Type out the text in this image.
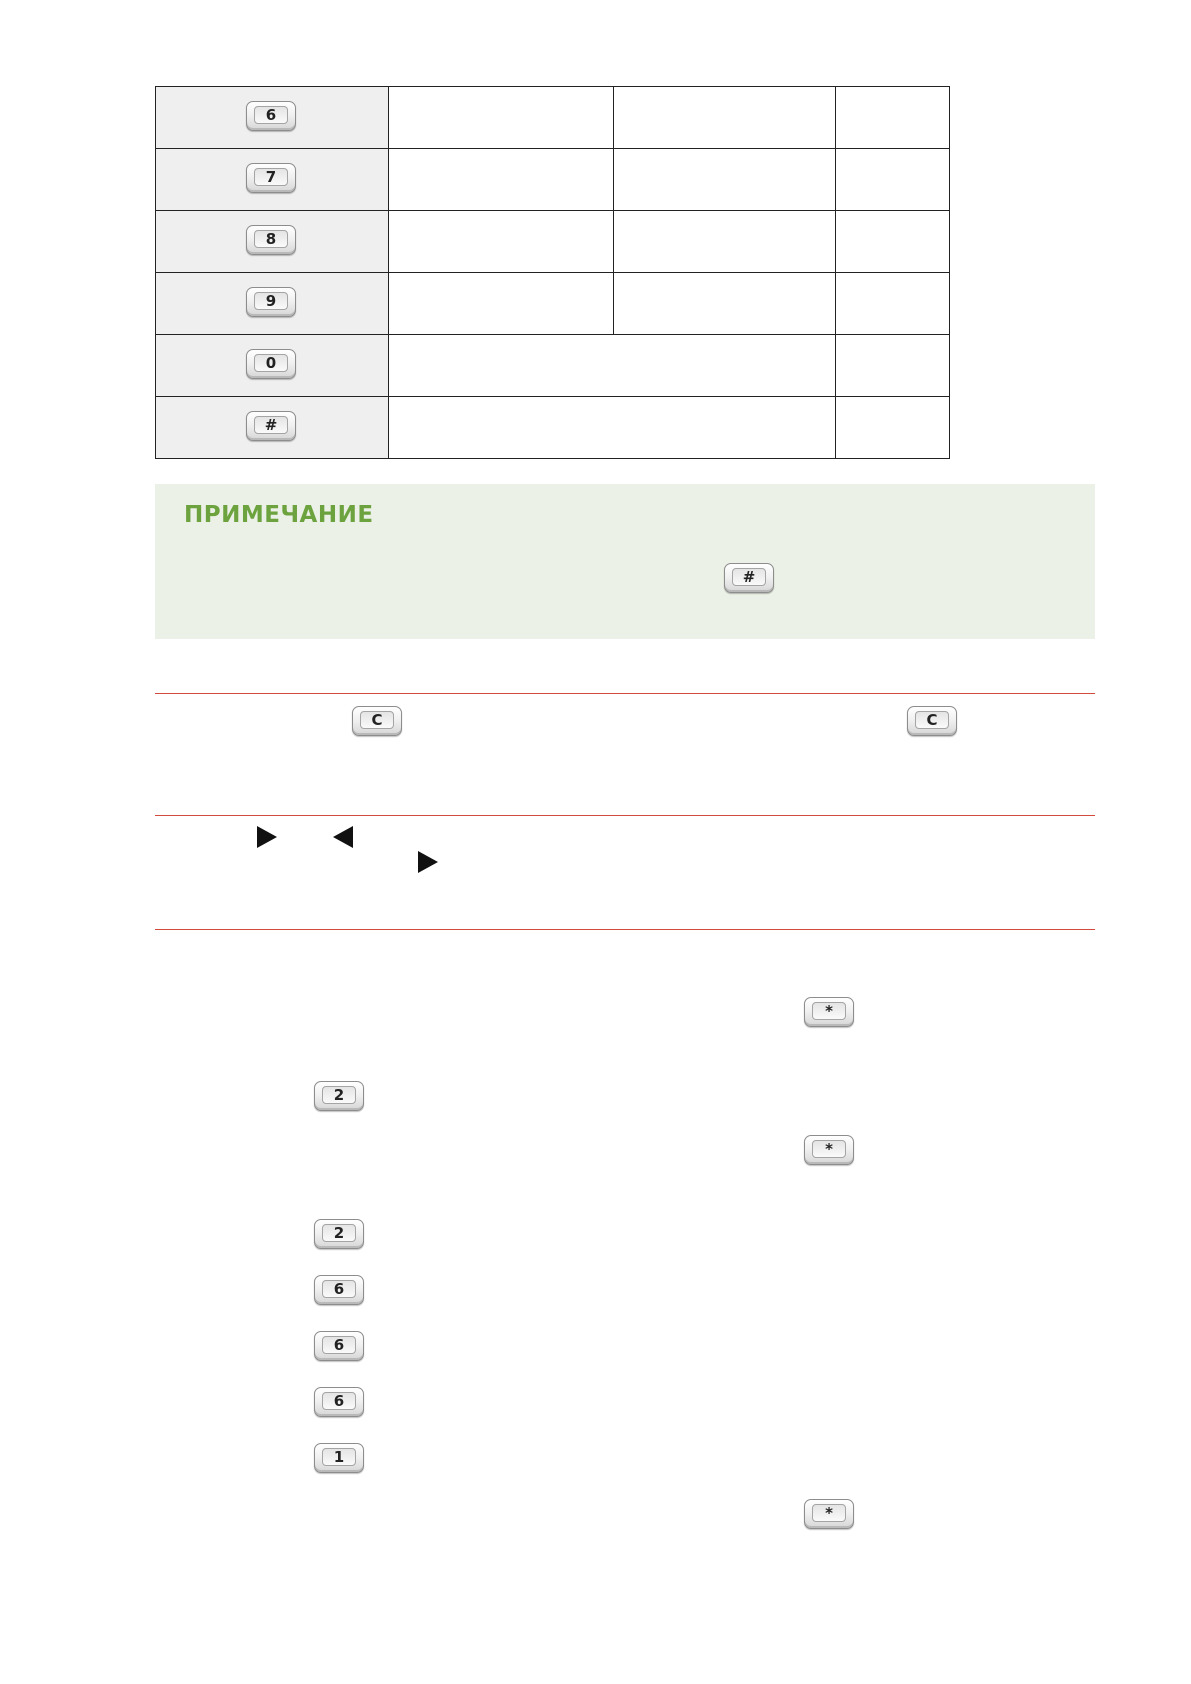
6			

7			

8			

9			

0			

#			

ПРИМЕЧАНИЕ
#
C	C
*
2
*
2
6
6
6
1
*
